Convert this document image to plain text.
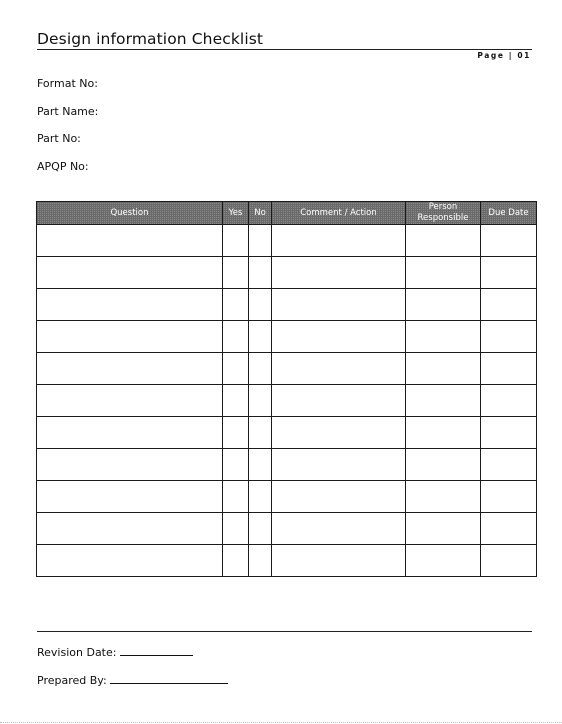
Design information Checklist
Page | 01
Format No:
Part Name:
Part No:
APQP No:
Question	Yes	No	Comment / Action	Person Responsible	Due Date

Revision Date:
Prepared By:
